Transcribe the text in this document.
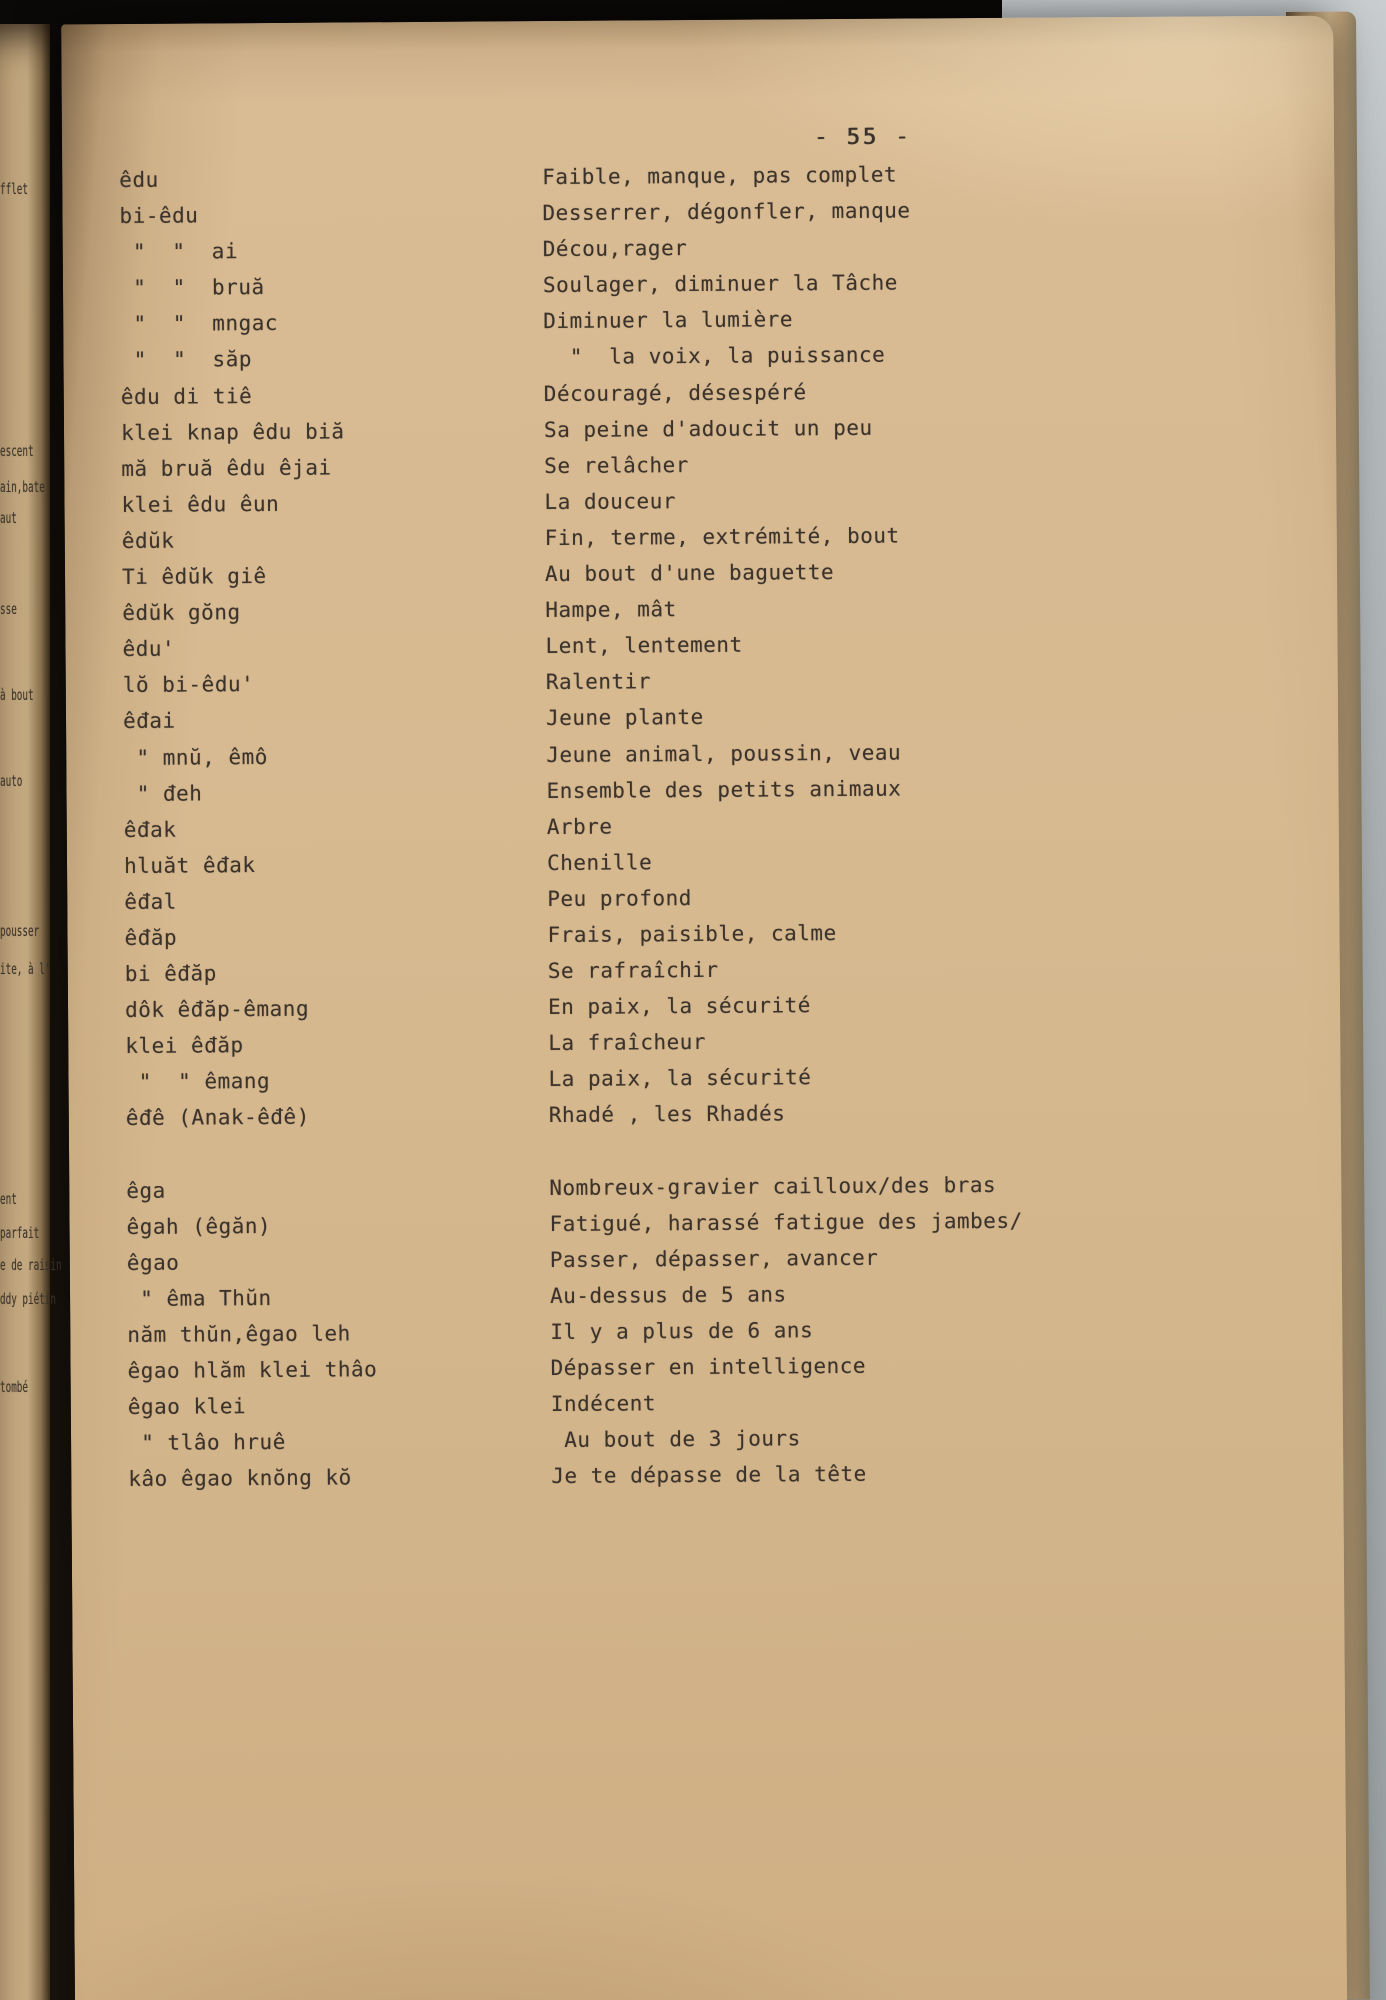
fflet
escent
ain,bate
aut
sse
à bout
auto
pousser
ite, à l'
ent
parfait
e de raisin
ddy piétin
tombé
- 55 -
êdu	Faible, manque, pas complet
bi-êdu	Desserrer, dégonfler, manque
"  "  ai	Décou,rager
"  "  bruă	Soulager, diminuer la Tâche
"  "  mngac	Diminuer la lumière
"  "  săp	"  la voix, la puissance
êdu di tiê	Découragé, désespéré
klei knap êdu biă	Sa peine d'adoucit un peu
mă bruă êdu êjai	Se relâcher
klei êdu êun	La douceur
êdŭk	Fin, terme, extrémité, bout
Ti êdŭk giê	Au bout d'une baguette
êdŭk gŏng	Hampe, mât
êdu'	Lent, lentement
lŏ bi-êdu'	Ralentir
êđai	Jeune plante
" mnŭ, êmô	Jeune animal, poussin, veau
" đeh	Ensemble des petits animaux
êđak	Arbre
hluăt êđak	Chenille
êđal	Peu profond
êđăp	Frais, paisible, calme
bi êđăp	Se rafraîchir
dôk êđăp-êmang	En paix, la sécurité
klei êđăp	La fraîcheur
"  " êmang	La paix, la sécurité
êđê (Anak-êđê)	Rhadé , les Rhadés
êga	Nombreux-gravier cailloux/des bras
êgah (êgăn)	Fatigué, harassé fatigue des jambes/
êgao	Passer, dépasser, avancer
" êma Thŭn	Au-dessus de 5 ans
năm thŭn,êgao leh	Il y a plus de 6 ans
êgao hlăm klei thâo	Dépasser en intelligence
êgao klei	Indécent
" tlâo hruê	Au bout de 3 jours
kâo êgao knŏng kŏ	Je te dépasse de la tête
